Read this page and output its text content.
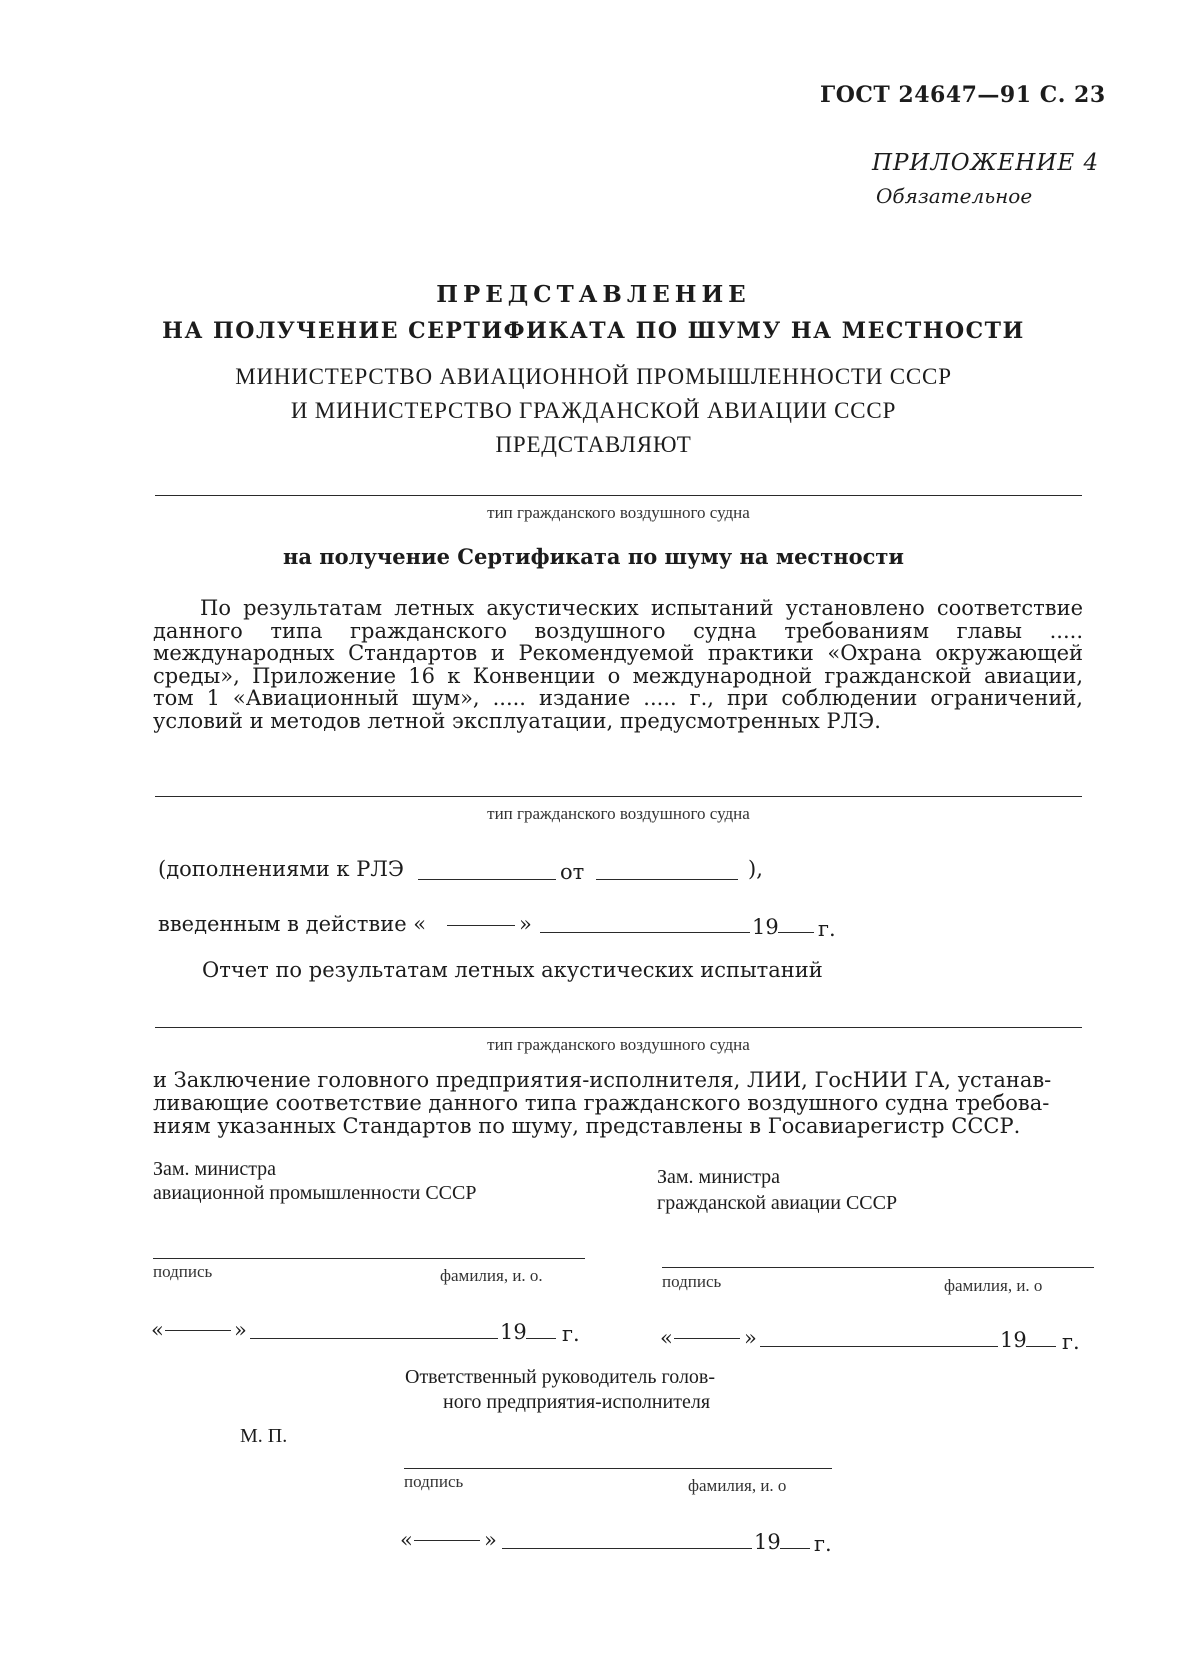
ГОСТ 24647—91 С. 23
ПРИЛОЖЕНИЕ 4
Обязательное
ПРЕДСТАВЛЕНИЕ
НА ПОЛУЧЕНИЕ СЕРТИФИКАТА ПО ШУМУ НА МЕСТНОСТИ
МИНИСТЕРСТВО АВИАЦИОННОЙ ПРОМЫШЛЕННОСТИ СССР
И МИНИСТЕРСТВО ГРАЖДАНСКОЙ АВИАЦИИ СССР
ПРЕДСТАВЛЯЮТ
тип гражданского воздушного судна
на получение Сертификата по шуму на местности
По результатам летных акустических испытаний установлено соответствие данного типа гражданского воздушного судна требованиям главы ..... международных Стандартов и Рекомендуемой практики «Охрана окружающей среды», Приложение 16 к Конвенции о международной гражданской авиации, том 1 «Авиационный шум», ..... издание ..... г., при соблюдении ограничений, условий и методов летной эксплуатации, предусмотренных РЛЭ.
тип гражданского воздушного судна
(дополнениями к РЛЭ	от	),
введенным в действие «	»	19 г.
Отчет по результатам летных акустических испытаний
тип гражданского воздушного судна
и Заключение головного предприятия-исполнителя, ЛИИ, ГосНИИ ГА, устанав-
ливающие соответствие данного типа гражданского воздушного судна требова-
ниям указанных Стандартов по шуму, представлены в Госавиарегистр СССР.
Зам. министра
авиационной промышленности СССР
подпись	фамилия, и. о.
«	»	19 г.
Зам. министра
гражданской авиации СССР
подпись	фамилия, и. о
«	»	19 г.
Ответственный руководитель голов-
ного предприятия-исполнителя
М. П.
подпись	фамилия, и. о
«	»	19 г.
